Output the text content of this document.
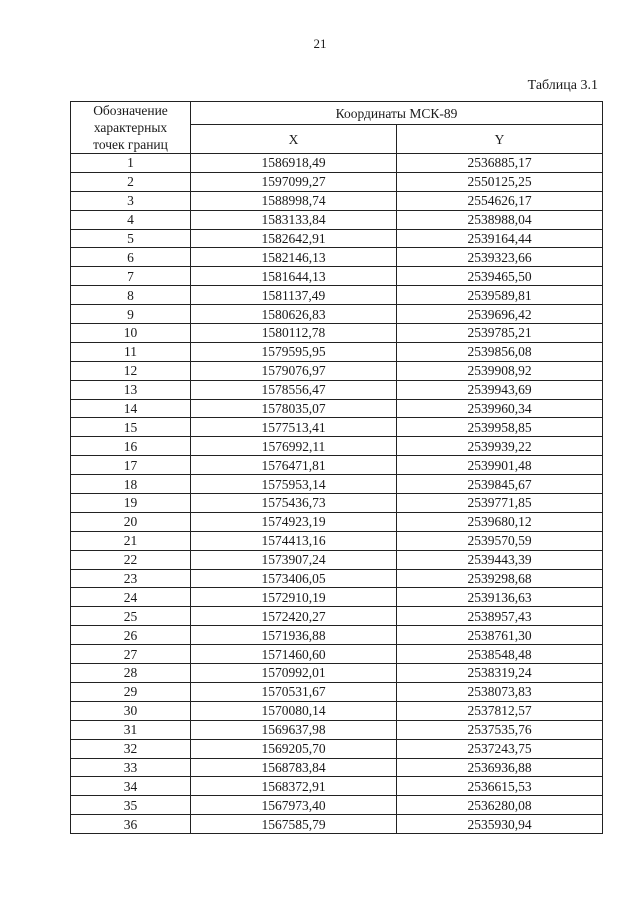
21
Таблица 3.1
Обозначение
характерных
точек границ	Координаты МСК-89	
	X	Y
1	1586918,49	2536885,17
2	1597099,27	2550125,25
3	1588998,74	2554626,17
4	1583133,84	2538988,04
5	1582642,91	2539164,44
6	1582146,13	2539323,66
7	1581644,13	2539465,50
8	1581137,49	2539589,81
9	1580626,83	2539696,42
10	1580112,78	2539785,21
11	1579595,95	2539856,08
12	1579076,97	2539908,92
13	1578556,47	2539943,69
14	1578035,07	2539960,34
15	1577513,41	2539958,85
16	1576992,11	2539939,22
17	1576471,81	2539901,48
18	1575953,14	2539845,67
19	1575436,73	2539771,85
20	1574923,19	2539680,12
21	1574413,16	2539570,59
22	1573907,24	2539443,39
23	1573406,05	2539298,68
24	1572910,19	2539136,63
25	1572420,27	2538957,43
26	1571936,88	2538761,30
27	1571460,60	2538548,48
28	1570992,01	2538319,24
29	1570531,67	2538073,83
30	1570080,14	2537812,57
31	1569637,98	2537535,76
32	1569205,70	2537243,75
33	1568783,84	2536936,88
34	1568372,91	2536615,53
35	1567973,40	2536280,08
36	1567585,79	2535930,94
